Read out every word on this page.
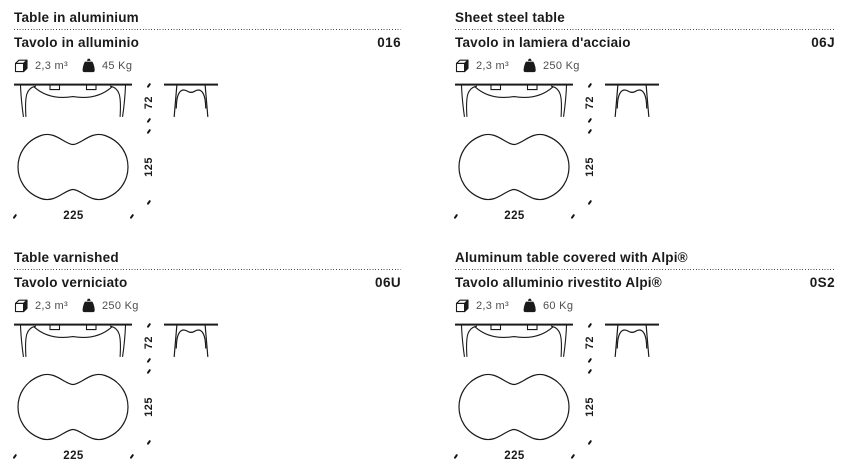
Table in aluminium
Tavolo in alluminio	016
2,3 m³	45 Kg
72
225
125
Sheet steel table
Tavolo in lamiera d'acciaio	06J
2,3 m³	250 Kg
72
225
125
Table varnished
Tavolo verniciato	06U
2,3 m³	250 Kg
72
225
125
Aluminum table covered with Alpi®
Tavolo alluminio rivestito Alpi®	0S2
2,3 m³	60 Kg
72
225
125
